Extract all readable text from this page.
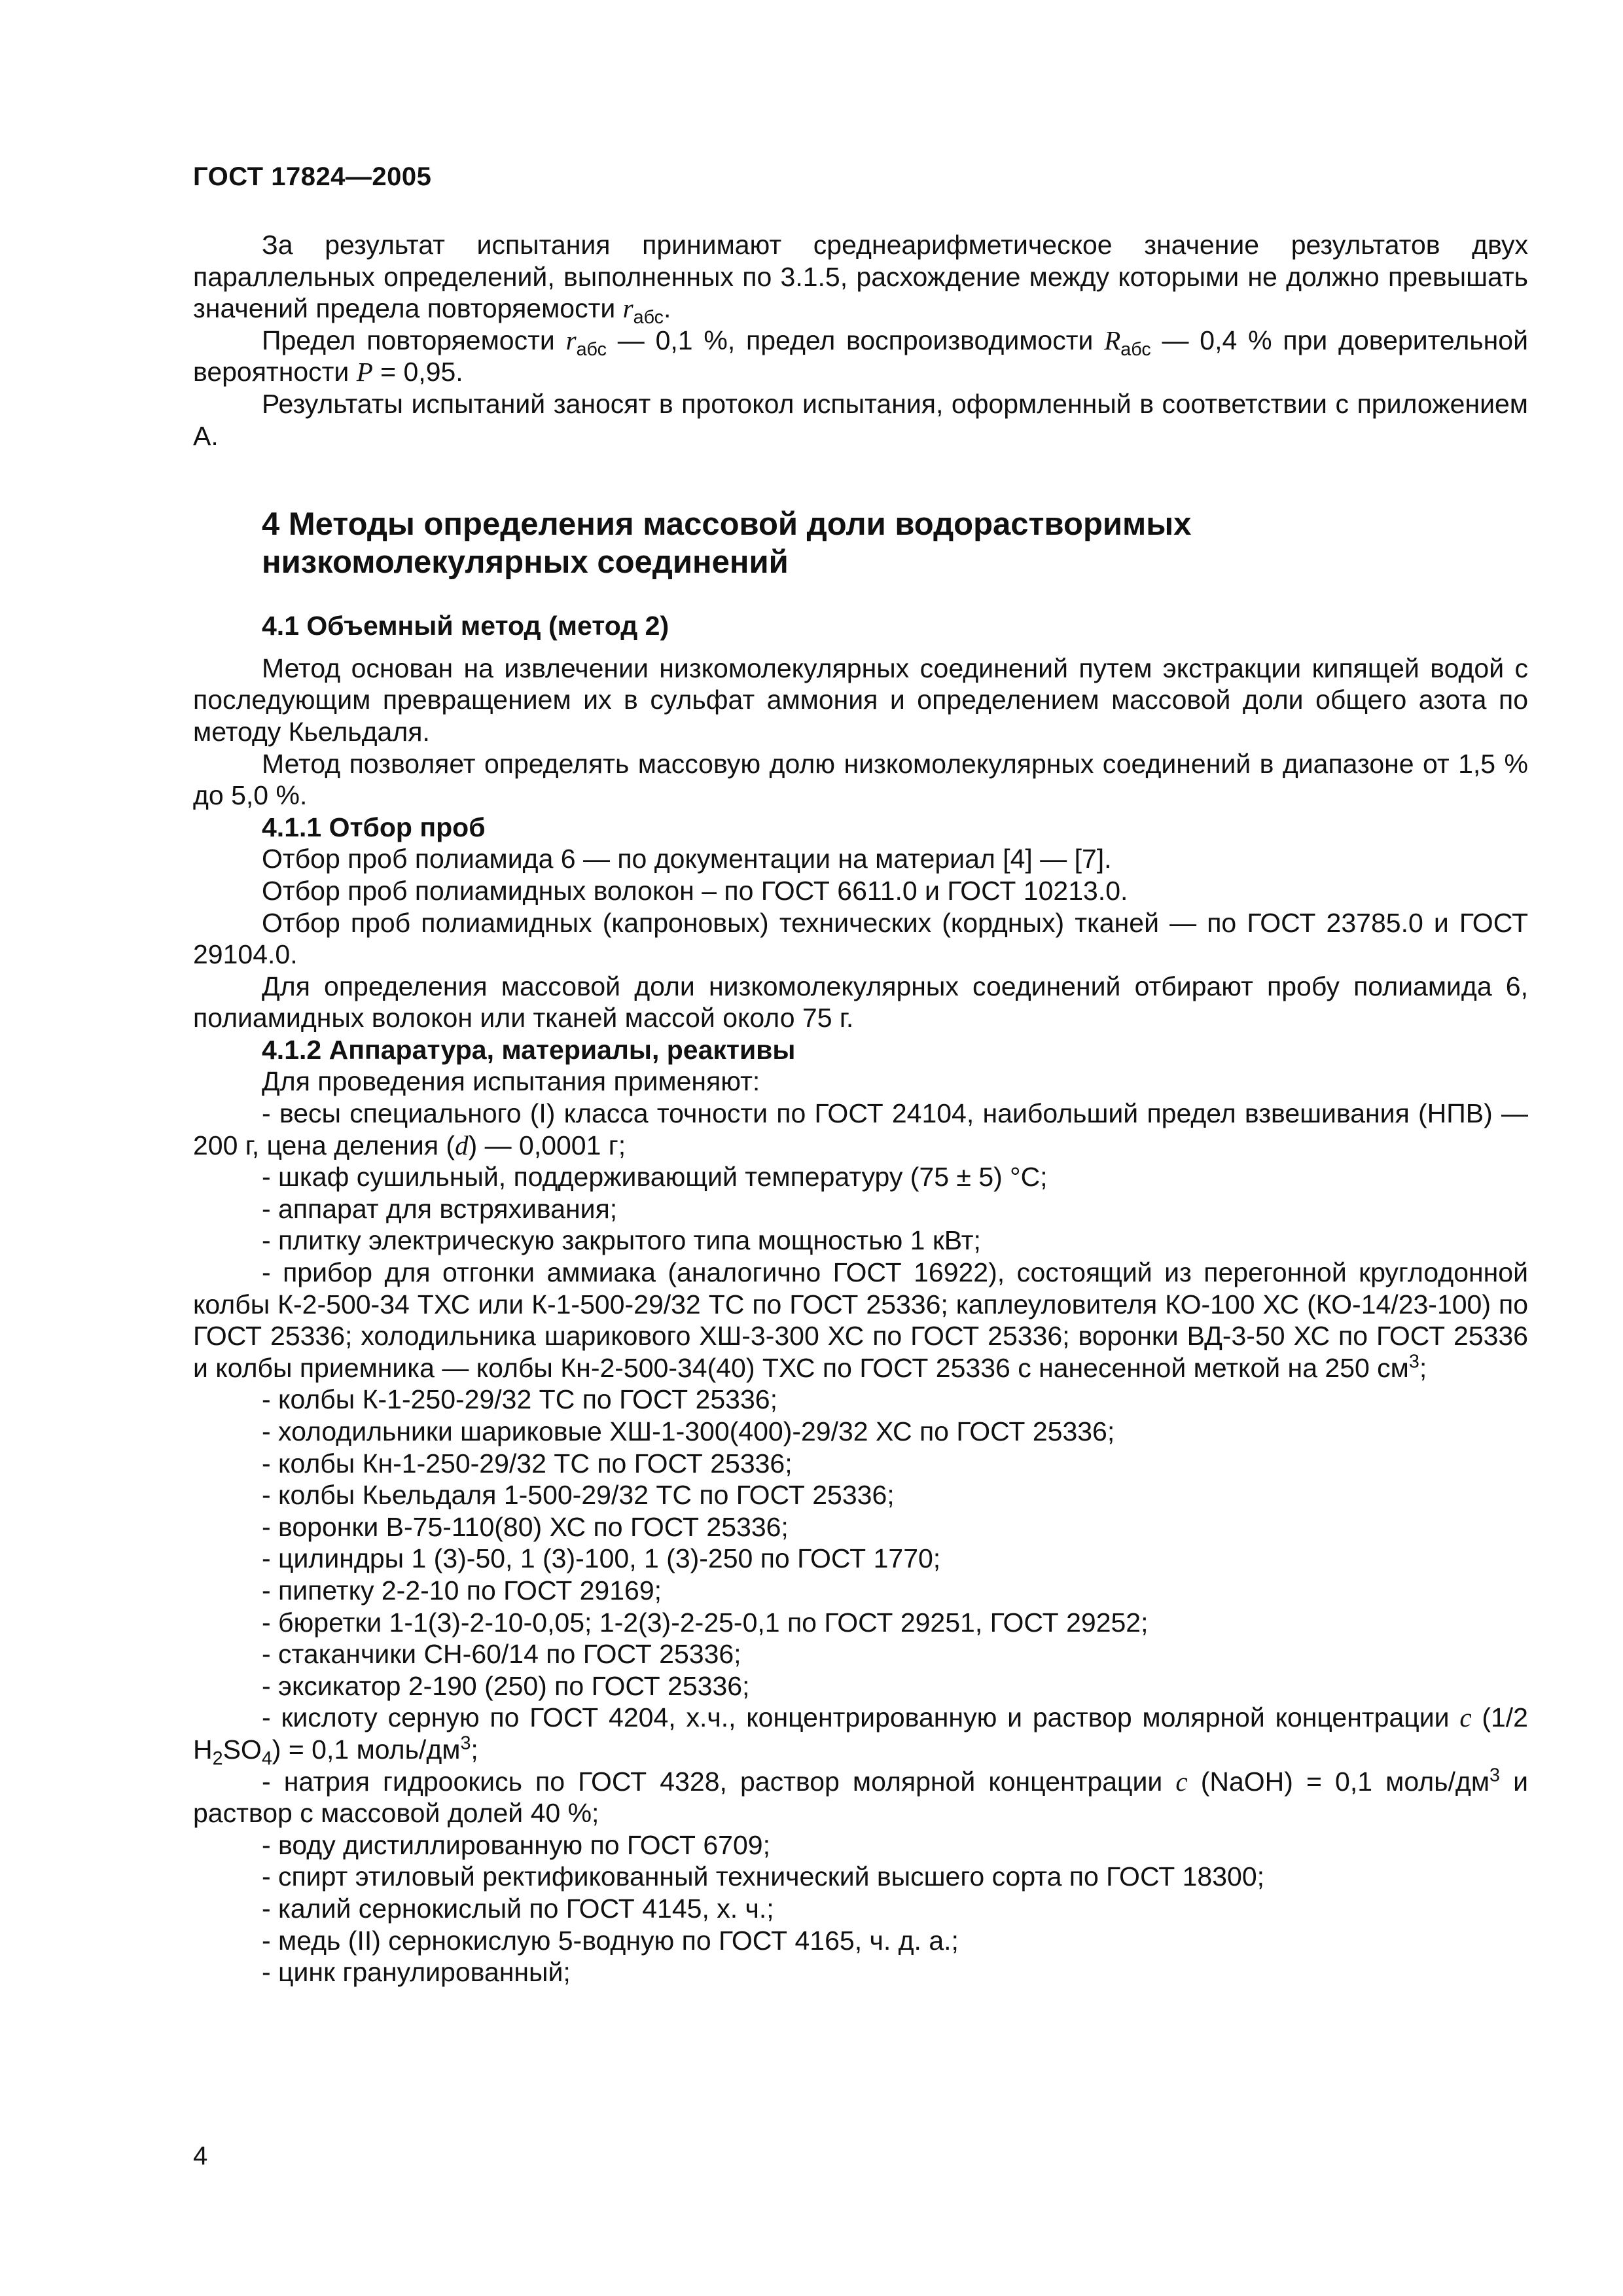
ГОСТ 17824—2005

За результат испытания принимают среднеарифметическое значение результатов двух параллельных определений, выполненных по 3.1.5, расхождение между которыми не должно превышать значений предела повторяемости $r_{абс}$.

Предел повторяемости $r_{абс}$ — 0,1 %, предел воспроизводимости $R_{абс}$ — 0,4 % при доверительной вероятности P = 0,95.

Результаты испытаний заносят в протокол испытания, оформленный в соответствии с приложением А.

4 Методы определения массовой доли водорастворимых
низкомолекулярных соединений
4.1 Объемный метод (метод 2)

Метод основан на извлечении низкомолекулярных соединений путем экстракции кипящей водой с последующим превращением их в сульфат аммония и определением массовой доли общего азота по методу Кьельдаля.

Метод позволяет определять массовую долю низкомолекулярных соединений в диапазоне от 1,5 % до 5,0 %.

4.1.1 Отбор проб

Отбор проб полиамида 6 — по документации на материал [4] — [7].

Отбор проб полиамидных волокон – по ГОСТ 6611.0 и ГОСТ 10213.0.

Отбор проб полиамидных (капроновых) технических (кордных) тканей — по ГОСТ 23785.0 и ГОСТ 29104.0.

Для определения массовой доли низкомолекулярных соединений отбирают пробу полиамида 6, полиамидных волокон или тканей массой около 75 г.

4.1.2 Аппаратура, материалы, реактивы

Для проведения испытания применяют:

- весы специального (I) класса точности по ГОСТ 24104, наибольший предел взвешивания (НПВ) — 200 г, цена деления (d) — 0,0001 г;

- шкаф сушильный, поддерживающий температуру (75 ± 5) °С;

- аппарат для встряхивания;

- плитку электрическую закрытого типа мощностью 1 кВт;

- прибор для отгонки аммиака (аналогично ГОСТ 16922), состоящий из перегонной круглодонной колбы К-2-500-34 ТХС или К-1-500-29/32 ТС по ГОСТ 25336; каплеуловителя КО-100 ХС (КО-14/23-100) по ГОСТ 25336; холодильника шарикового ХШ-3-300 ХС по ГОСТ 25336; воронки ВД-3-50 ХС по ГОСТ 25336 и колбы приемника — колбы Кн-2-500-34(40) ТХС по ГОСТ 25336 с нанесенной меткой на 250 $см^3$;

- колбы К-1-250-29/32 ТС по ГОСТ 25336;

- холодильники шариковые ХШ-1-300(400)-29/32 ХС по ГОСТ 25336;

- колбы Кн-1-250-29/32 ТС по ГОСТ 25336;

- колбы Кьельдаля 1-500-29/32 ТС по ГОСТ 25336;

- воронки В-75-110(80) ХС по ГОСТ 25336;

- цилиндры 1 (3)-50, 1 (3)-100, 1 (3)-250 по ГОСТ 1770;

- пипетку 2-2-10 по ГОСТ 29169;

- бюретки 1-1(3)-2-10-0,05; 1-2(3)-2-25-0,1 по ГОСТ 29251, ГОСТ 29252;

- стаканчики СН-60/14 по ГОСТ 25336;

- эксикатор 2-190 (250) по ГОСТ 25336;

- кислоту серную по ГОСТ 4204, х.ч., концентрированную и раствор молярной концентрации c (1/2 $H_2SO_4) = 0,1$ моль/$дм^3$;

- натрия гидроокись по ГОСТ 4328, раствор молярной концентрации c (NaOH) = 0,1 моль/$дм^3$ и раствор с массовой долей 40 %;

- воду дистиллированную по ГОСТ 6709;

- спирт этиловый ректификованный технический высшего сорта по ГОСТ 18300;

- калий сернокислый по ГОСТ 4145, х. ч.;

- медь (II) сернокислую 5-водную по ГОСТ 4165, ч. д. а.;

- цинк гранулированный;

4
